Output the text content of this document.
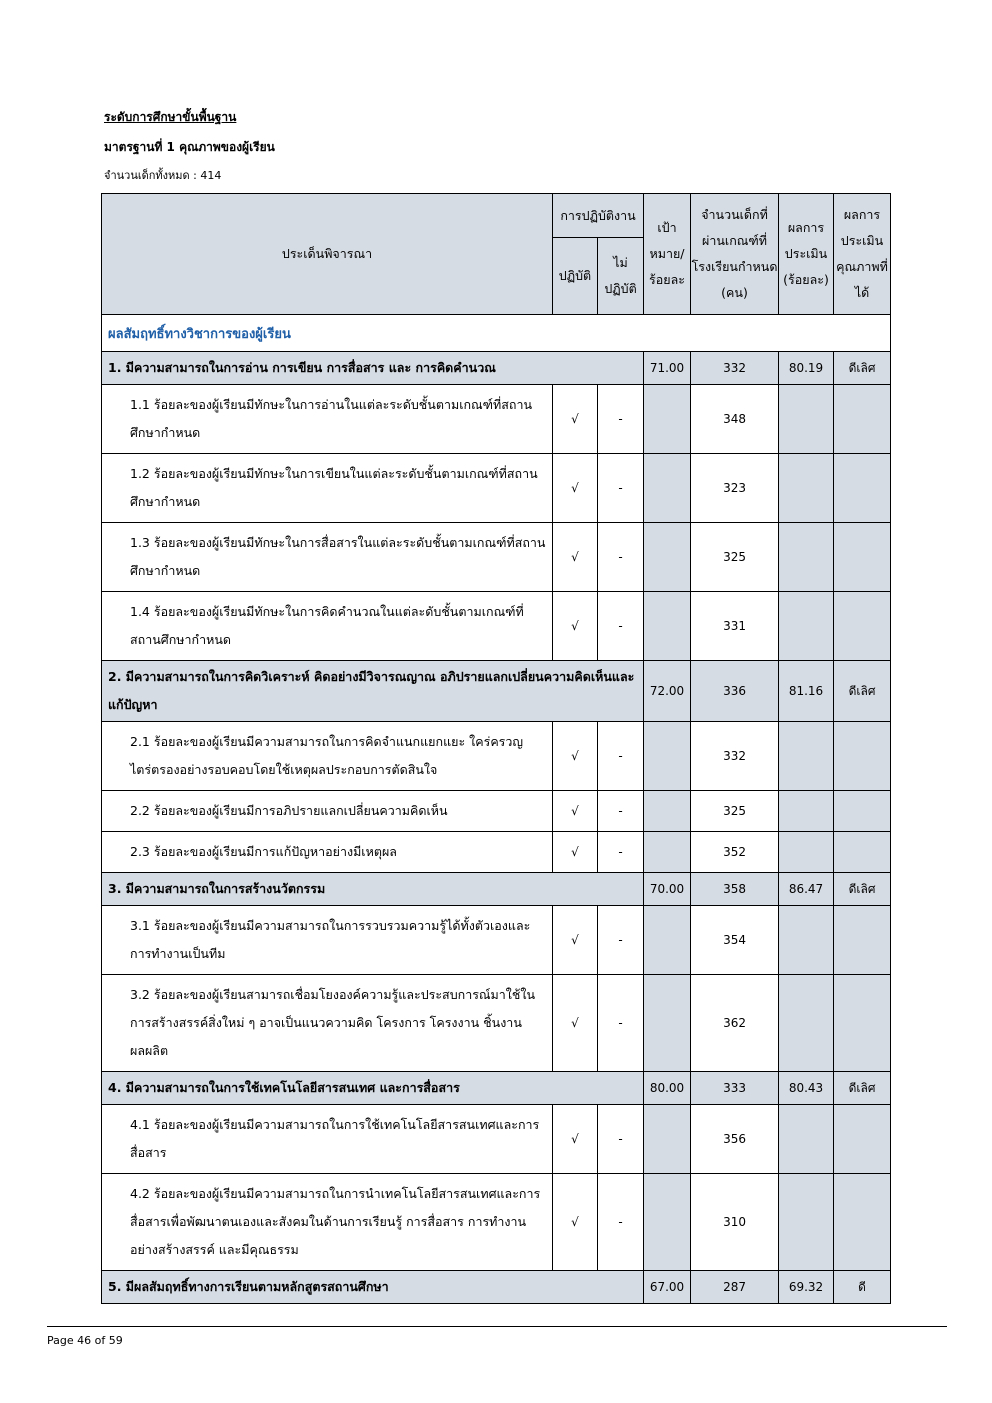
ระดับการศึกษาขั้นพื้นฐาน
มาตรฐานที่ 1 คุณภาพของผู้เรียน
จำนวนเด็กทั้งหมด : 414
ประเด็นพิจารณา	การปฏิบัติงาน		เป้าหมาย/ร้อยละ	จำนวนเด็กที่ผ่านเกณฑ์ที่โรงเรียนกำหนด (คน)	ผลการประเมิน (ร้อยละ)	ผลการประเมินคุณภาพที่ได้
	ปฏิบัติ	ไม่ปฏิบัติ				
ผลสัมฤทธิ์ทางวิชาการของผู้เรียน						
1. มีความสามารถในการอ่าน การเขียน การสื่อสาร และ การคิดคำนวณ			71.00	332	80.19	ดีเลิศ
1.1 ร้อยละของผู้เรียนมีทักษะในการอ่านในแต่ละระดับชั้นตามเกณฑ์ที่สถานศึกษากำหนด	√	-		348		
1.2 ร้อยละของผู้เรียนมีทักษะในการเขียนในแต่ละระดับชั้นตามเกณฑ์ที่สถานศึกษากำหนด	√	-		323		
1.3 ร้อยละของผู้เรียนมีทักษะในการสื่อสารในแต่ละระดับชั้นตามเกณฑ์ที่สถานศึกษากำหนด	√	-		325		
1.4 ร้อยละของผู้เรียนมีทักษะในการคิดคำนวณในแต่ละดับชั้นตามเกณฑ์ที่สถานศึกษากำหนด	√	-		331		
2. มีความสามารถในการคิดวิเคราะห์ คิดอย่างมีวิจารณญาณ อภิปรายแลกเปลี่ยนความคิดเห็นและแก้ปัญหา			72.00	336	81.16	ดีเลิศ
2.1 ร้อยละของผู้เรียนมีความสามารถในการคิดจำแนกแยกแยะ ใคร่ครวญ ไตร่ตรองอย่างรอบคอบโดยใช้เหตุผลประกอบการตัดสินใจ	√	-		332		
2.2 ร้อยละของผู้เรียนมีการอภิปรายแลกเปลี่ยนความคิดเห็น	√	-		325		
2.3 ร้อยละของผู้เรียนมีการแก้ปัญหาอย่างมีเหตุผล	√	-		352		
3. มีความสามารถในการสร้างนวัตกรรม			70.00	358	86.47	ดีเลิศ
3.1 ร้อยละของผู้เรียนมีความสามารถในการรวบรวมความรู้ได้ทั้งตัวเองและการทำงานเป็นทีม	√	-		354		
3.2 ร้อยละของผู้เรียนสามารถเชื่อมโยงองค์ความรู้และประสบการณ์มาใช้ในการสร้างสรรค์สิ่งใหม่ ๆ อาจเป็นแนวความคิด โครงการ โครงงาน ชิ้นงาน ผลผลิต	√	-		362		
4. มีความสามารถในการใช้เทคโนโลยีสารสนเทศ และการสื่อสาร			80.00	333	80.43	ดีเลิศ
4.1 ร้อยละของผู้เรียนมีความสามารถในการใช้เทคโนโลยีสารสนเทศและการสื่อสาร	√	-		356		
4.2 ร้อยละของผู้เรียนมีความสามารถในการนำเทคโนโลยีสารสนเทศและการสื่อสารเพื่อพัฒนาตนเองและสังคมในด้านการเรียนรู้ การสื่อสาร การทำงานอย่างสร้างสรรค์ และมีคุณธรรม	√	-		310		
5. มีผลสัมฤทธิ์ทางการเรียนตามหลักสูตรสถานศึกษา			67.00	287	69.32	ดี
Page 46 of 59
